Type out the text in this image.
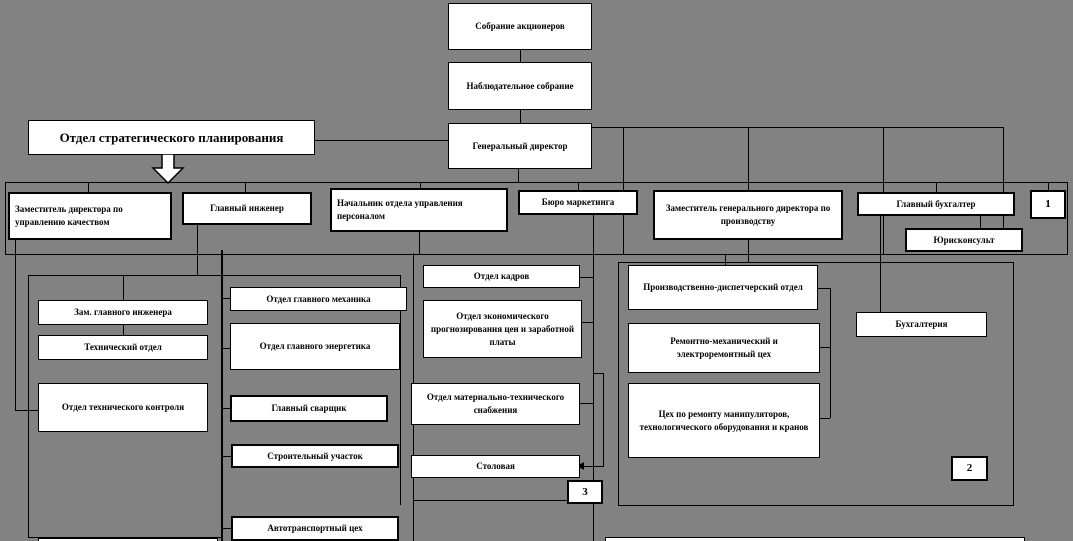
Собрание акционеров
Наблюдательное собрание
Генеральный директор
Отдел стратегического планирования
Заместитель директора по управлению качеством
Главный инженер	Начальник отдела управления персоналом
Бюро маркетинга
Заместитель генерального директора по производству
Главный бухгалтер	1
Юрисконсульт
Зам. главного инженера
Технический отдел
Отдел технического контроля
Отдел главного механика
Отдел главного энергетика
Главный сварщик
Строительный участок
Автотранспортный цех
Отдел кадров
Отдел экономического прогнозирования цен и заработной платы
Отдел материально-технического снабжения
Столовая
3
Производственно-диспетчерский отдел
Ремонтно-механический и электроремонтный цех
Цех по ремонту манипуляторов, технологического оборудования и кранов
Бухгалтерия
2
